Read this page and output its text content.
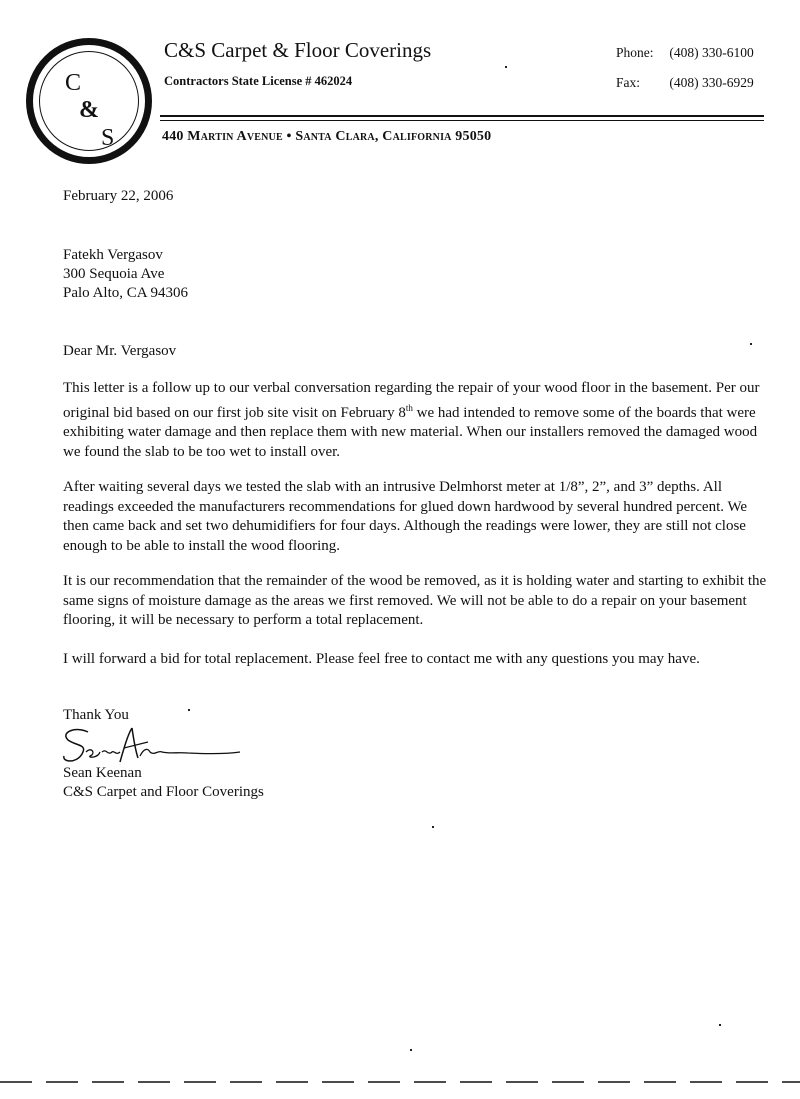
C
&
S
C&S Carpet & Floor Coverings
Contractors State License # 462024
Phone: (408) 330-6100
Fax: (408) 330-6929
440 Martin Avenue • Santa Clara, California 95050
February 22, 2006
Fatekh Vergasov
300 Sequoia Ave
Palo Alto, CA 94306
Dear Mr. Vergasov
This letter is a follow up to our verbal conversation regarding the repair of your wood floor in the basement. Per our original bid based on our first job site visit on February 8th we had intended to remove some of the boards that were exhibiting water damage and then replace them with new material. When our installers removed the damaged wood we found the slab to be too wet to install over.
After waiting several days we tested the slab with an intrusive Delmhorst meter at 1/8”, 2”, and 3” depths. All readings exceeded the manufacturers recommendations for glued down hardwood by several hundred percent. We then came back and set two dehumidifiers for four days. Although the readings were lower, they are still not close enough to be able to install the wood flooring.
It is our recommendation that the remainder of the wood be removed, as it is holding water and starting to exhibit the same signs of moisture damage as the areas we first removed. We will not be able to do a repair on your basement flooring, it will be necessary to perform a total replacement.
I will forward a bid for total replacement. Please feel free to contact me with any questions you may have.
Thank You
Sean Keenan
C&S Carpet and Floor Coverings
